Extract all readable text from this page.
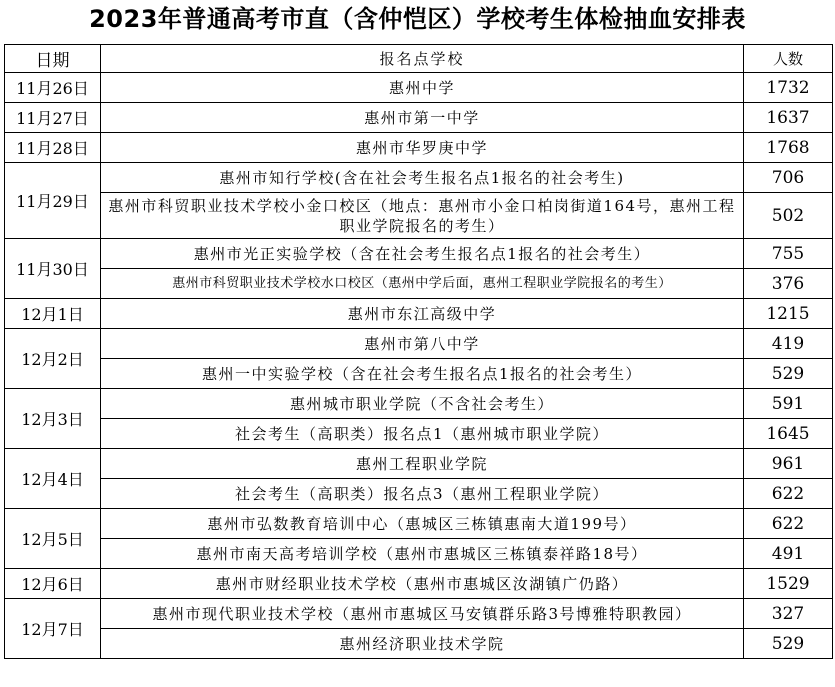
2023年普通高考市直（含仲恺区）学校考生体检抽血安排表
日期	报名点学校	人数
11月26日	惠州中学	1732
11月27日	惠州市第一中学	1637
11月28日	惠州市华罗庚中学	1768
11月29日	惠州市知行学校(含在社会考生报名点1报名的社会考生)	706
	惠州市科贸职业技术学校小金口校区（地点：惠州市小金口柏岗街道164号，惠州工程职业学院报名的考生）	502
11月30日	惠州市光正实验学校（含在社会考生报名点1报名的社会考生）	755
	惠州市科贸职业技术学校水口校区（惠州中学后面，惠州工程职业学院报名的考生）	376
12月1日	惠州市东江高级中学	1215
12月2日	惠州市第八中学	419
	惠州一中实验学校（含在社会考生报名点1报名的社会考生）	529
12月3日	惠州城市职业学院（不含社会考生）	591
	社会考生（高职类）报名点1（惠州城市职业学院）	1645
12月4日	惠州工程职业学院	961
	社会考生（高职类）报名点3（惠州工程职业学院）	622
12月5日	惠州市弘数教育培训中心（惠城区三栋镇惠南大道199号）	622
	惠州市南天高考培训学校（惠州市惠城区三栋镇泰祥路18号）	491
12月6日	惠州市财经职业技术学校（惠州市惠城区汝湖镇广仍路）	1529
12月7日	惠州市现代职业技术学校（惠州市惠城区马安镇群乐路3号博雅特职教园）	327
	惠州经济职业技术学院	529
